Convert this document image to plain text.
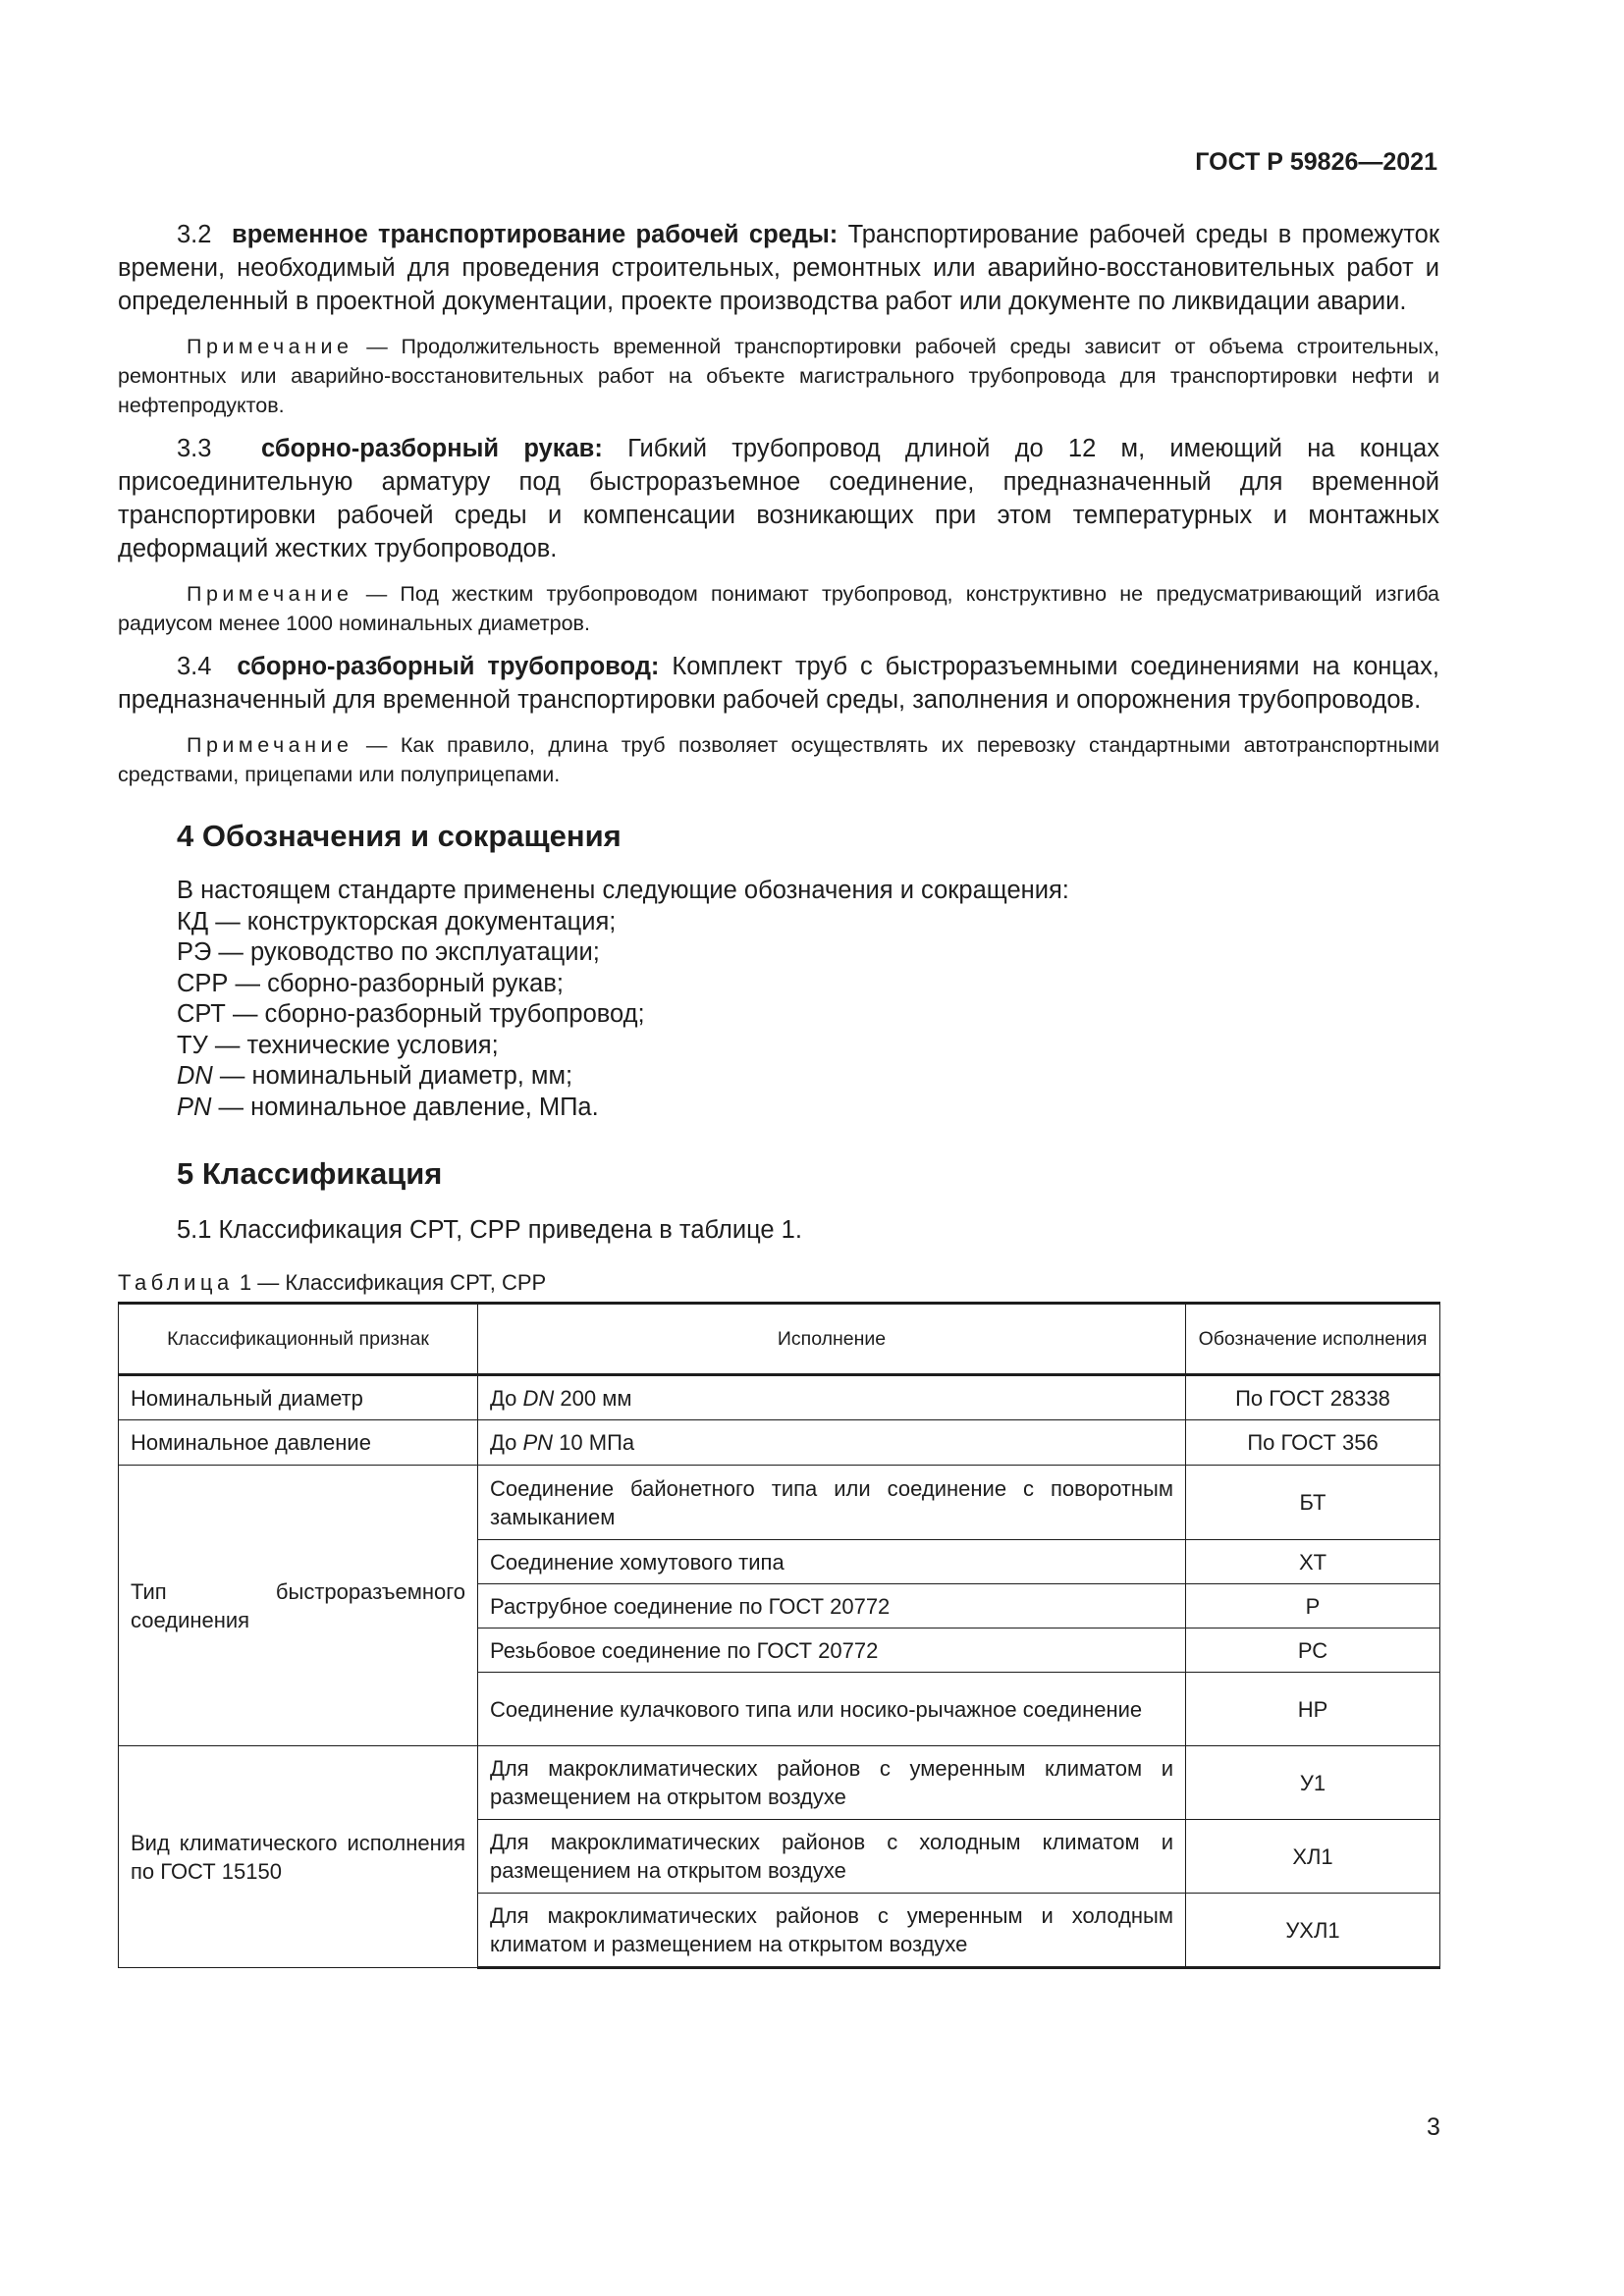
ГОСТ Р 59826—2021

3.2 временное транспортирование рабочей среды: Транспортирование рабочей среды в промежуток времени, необходимый для проведения строительных, ремонтных или аварийно-восстановительных работ и определенный в проектной документации, проекте производства работ или документе по ликвидации аварии.

Примечание — Продолжительность временной транспортировки рабочей среды зависит от объема строительных, ремонтных или аварийно-восстановительных работ на объекте магистрального трубопровода для транспортировки нефти и нефтепродуктов.

3.3 сборно-разборный рукав: Гибкий трубопровод длиной до 12 м, имеющий на концах присоединительную арматуру под быстроразъемное соединение, предназначенный для временной транспортировки рабочей среды и компенсации возникающих при этом температурных и монтажных деформаций жестких трубопроводов.

Примечание — Под жестким трубопроводом понимают трубопровод, конструктивно не предусматривающий изгиба радиусом менее 1000 номинальных диаметров.

3.4 сборно-разборный трубопровод: Комплект труб с быстроразъемными соединениями на концах, предназначенный для временной транспортировки рабочей среды, заполнения и опорожнения трубопроводов.

Примечание — Как правило, длина труб позволяет осуществлять их перевозку стандартными автотранспортными средствами, прицепами или полуприцепами.

4 Обозначения и сокращения
В настоящем стандарте применены следующие обозначения и сокращения:
КД — конструкторская документация;
РЭ — руководство по эксплуатации;
СРР — сборно-разборный рукав;
СРТ — сборно-разборный трубопровод;
ТУ — технические условия;
DN — номинальный диаметр, мм;
PN — номинальное давление, МПа.
5 Классификация

5.1 Классификация СРТ, СРР приведена в таблице 1.

Таблица 1 — Классификация СРТ, СРР
Классификационный признак	Исполнение	Обозначение исполнения
Номинальный диаметр	До DN 200 мм	По ГОСТ 28338
Номинальное давление	До PN 10 МПа	По ГОСТ 356
Тип быстроразъемного соединения	Соединение байонетного типа или соединение с поворотным замыканием	БТ
	Соединение хомутового типа	ХТ
	Раструбное соединение по ГОСТ 20772	Р
	Резьбовое соединение по ГОСТ 20772	РС
	Соединение кулачкового типа или носико-рычажное соединение	НР
Вид климатического исполнения по ГОСТ 15150	Для макроклиматических районов с умеренным климатом и размещением на открытом воздухе	У1
	Для макроклиматических районов с холодным климатом и размещением на открытом воздухе	ХЛ1
	Для макроклиматических районов с умеренным и холодным климатом и размещением на открытом воздухе	УХЛ1
3
